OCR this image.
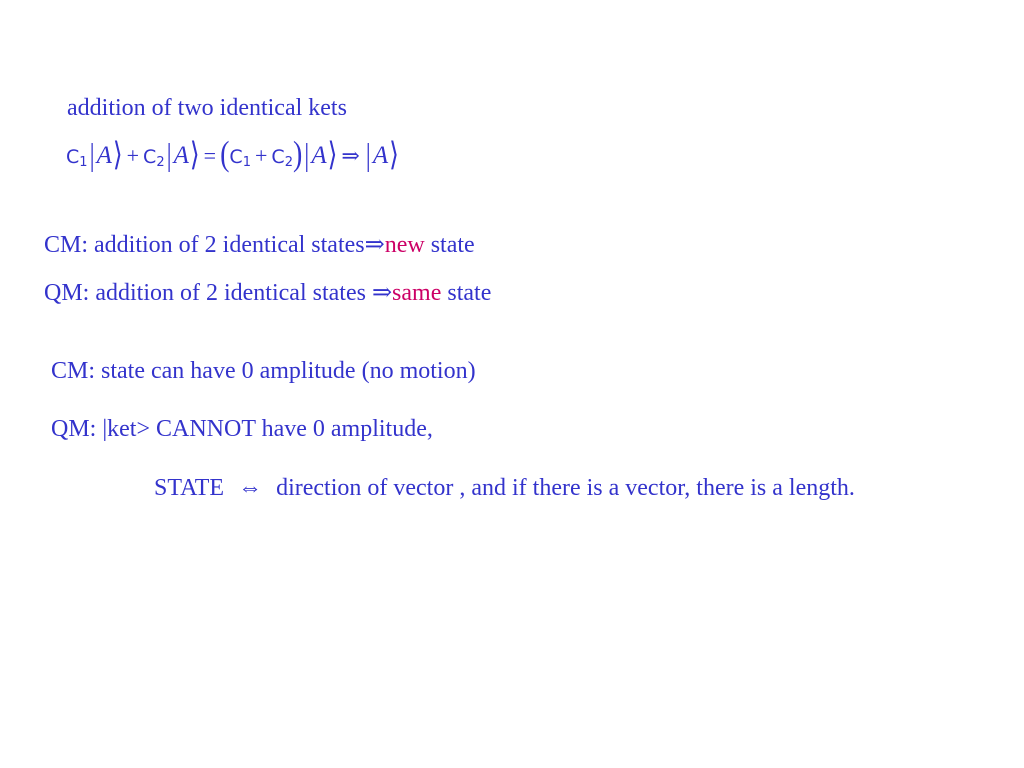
addition of two identical kets
$C_1|A⟩$ + $C_2|A⟩ = (C_1$ + $C_2)|A⟩$ ⇒ |A⟩
CM: addition of 2 identical states⇒new state
QM: addition of 2 identical states ⇒same state
CM: state can have 0 amplitude (no motion)
QM: |ket> CANNOT have 0 amplitude,
STATE ⇔ direction of vector , and if there is a vector, there is a length.
